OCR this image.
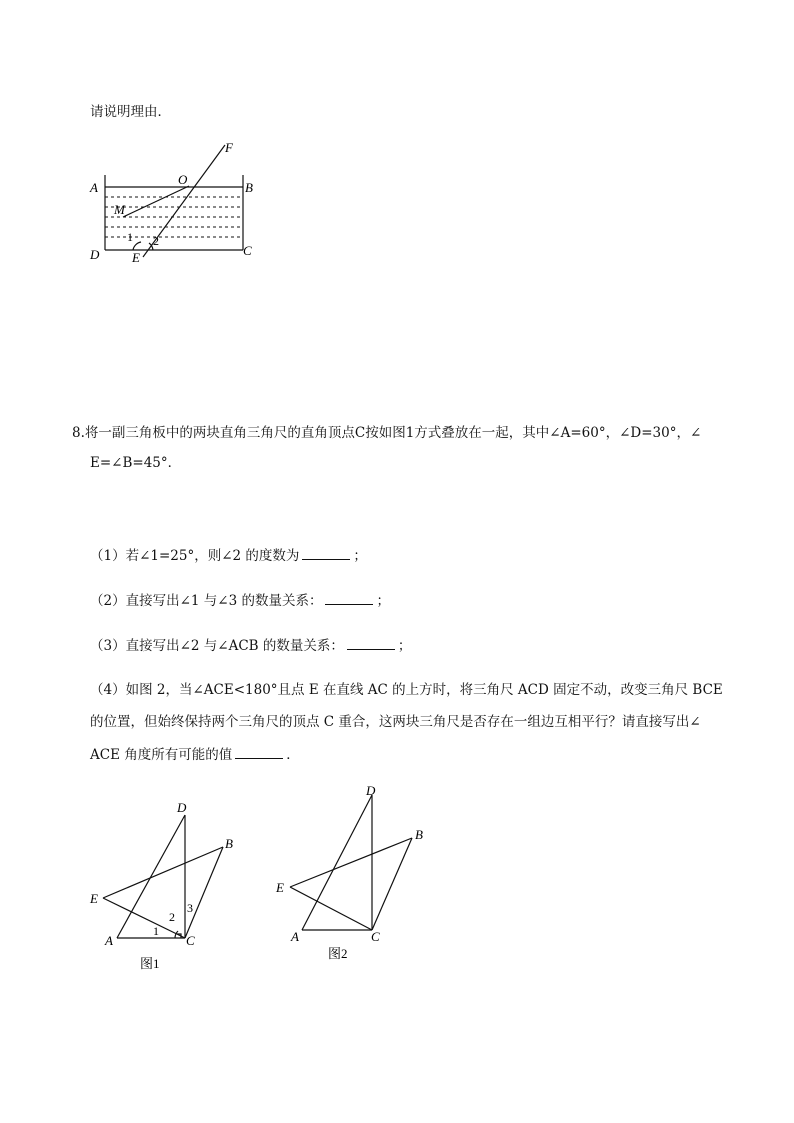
请说明理由．
A	B
C
D	E
F
O
M
1 2
8.将一副三角板中的两块直角三角尺的直角顶点C按如图1方式叠放在一起，其中∠A=60°，∠D=30°，∠
E=∠B=45°．
（1）若∠1=25°，则∠2 的度数为	；
（2）直接写出∠1 与∠3 的数量关系：	；
（3）直接写出∠2 与∠ACB 的数量关系：	；
（4）如图 2，当∠ACE<180°且点 E 在直线 AC 的上方时，将三角尺 ACD 固定不动，改变三角尺 BCE
的位置，但始终保持两个三角尺的顶点 C 重合，这两块三角尺是否存在一组边互相平行？请直接写出∠
ACE 角度所有可能的值	．
D
B
E
A	C
1
2
3
图1
D
B
E
A	C
图2
